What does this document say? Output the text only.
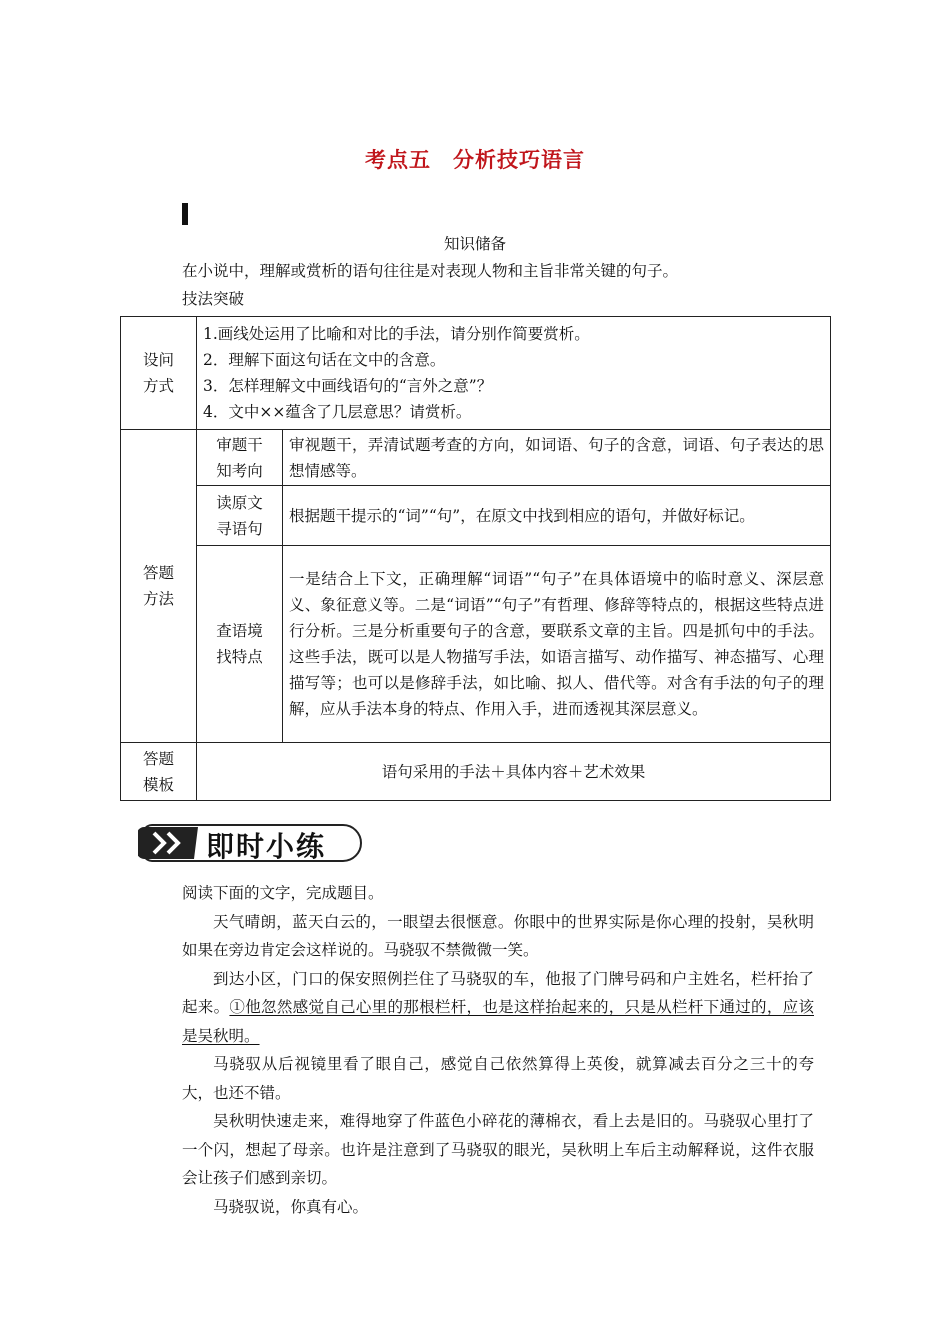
考点五　分析技巧语言
知识储备
在小说中，理解或赏析的语句往往是对表现人物和主旨非常关键的句子。
技法突破
设问方式	1.画线处运用了比喻和对比的手法，请分别作简要赏析。
2．理解下面这句话在文中的含意。
3．怎样理解文中画线语句的“言外之意”？
4．文中××蕴含了几层意思？请赏析。	

答题方法	审题干知考向	审视题干，弄清试题考查的方向，如词语、句子的含意，词语、句子表达的思想情感等。
	读原文寻语句	根据题干提示的“词”“句”，在原文中找到相应的语句，并做好标记。
	查语境找特点	一是结合上下文，正确理解“词语”“句子”在具体语境中的临时意义、深层意义、象征意义等。二是“词语”“句子”有哲理、修辞等特点的，根据这些特点进行分析。三是分析重要句子的含意，要联系文章的主旨。四是抓句中的手法。这些手法，既可以是人物描写手法，如语言描写、动作描写、神态描写、心理描写等；也可以是修辞手法，如比喻、拟人、借代等。对含有手法的句子的理解，应从手法本身的特点、作用入手，进而透视其深层意义。
答题模板	语句采用的手法＋具体内容＋艺术效果	
即时小练

阅读下面的文字，完成题目。

天气晴朗，蓝天白云的，一眼望去很惬意。你眼中的世界实际是你心理的投射，吴秋明如果在旁边肯定会这样说的。马骁驭不禁微微一笑。

到达小区，门口的保安照例拦住了马骁驭的车，他报了门牌号码和户主姓名，栏杆抬了起来。①他忽然感觉自己心里的那根栏杆，也是这样抬起来的，只是从栏杆下通过的，应该是吴秋明。

马骁驭从后视镜里看了眼自己，感觉自己依然算得上英俊，就算减去百分之三十的夸大，也还不错。

吴秋明快速走来，难得地穿了件蓝色小碎花的薄棉衣，看上去是旧的。马骁驭心里打了一个闪，想起了母亲。也许是注意到了马骁驭的眼光，吴秋明上车后主动解释说，这件衣服会让孩子们感到亲切。

马骁驭说，你真有心。
